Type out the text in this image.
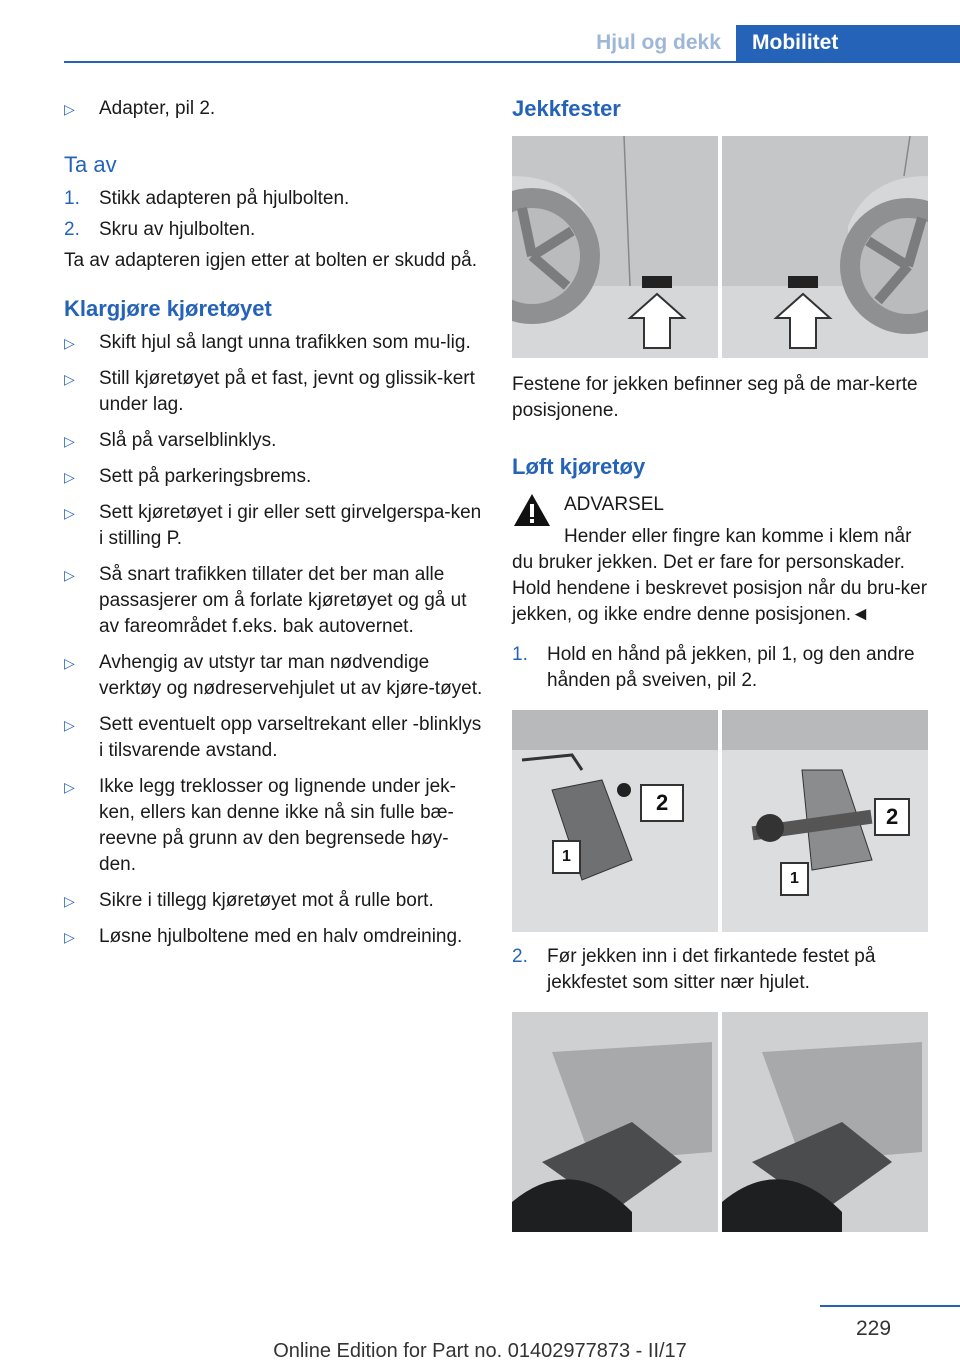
Hjul og dekk	Mobilitet
▷	Adapter, pil 2.

Ta av

1.	Stikk adapteren på hjulbolten.
2.	Skru av hjulbolten.

Ta av adapteren igjen etter at bolten er skudd på.

Klargjøre kjøretøyet

▷	Skift hjul så langt unna trafikken som mu-lig.
▷	Still kjøretøyet på et fast, jevnt og glissik-kert under lag.
▷	Slå på varselblinklys.
▷	Sett på parkeringsbrems.
▷	Sett kjøretøyet i gir eller sett girvelgerspa-ken i stilling P.
▷	Så snart trafikken tillater det ber man alle passasjerer om å forlate kjøretøyet og gå ut av fareområdet f.eks. bak autovernet.
▷	Avhengig av utstyr tar man nødvendige verktøy og nødreservehjulet ut av kjøre-tøyet.
▷	Sett eventuelt opp varseltrekant eller -blinklys i tilsvarende avstand.
▷	Ikke legg treklosser og lignende under jek-ken, ellers kan denne ikke nå sin fulle bæ-reevne på grunn av den begrensede høy-den.
▷	Sikre i tillegg kjøretøyet mot å rulle bort.
▷	Løsne hjulboltene med en halv omdreining.

Jekkfester

Festene for jekken befinner seg på de mar-kerte posisjonene.

Løft kjøretøy

ADVARSEL

Hender eller fingre kan komme i klem når du bruker jekken. Det er fare for personskader. Hold hendene i beskrevet posisjon når du bru-ker jekken, og ikke endre denne posisjonen.◄

1.	Hold en hånd på jekken, pil 1, og den andre hånden på sveiven, pil 2.
2
1
2
1
2.	Før jekken inn i det firkantede festet på jekkfestet som sitter nær hjulet.
229
Online Edition for Part no. 01402977873 - II/17
